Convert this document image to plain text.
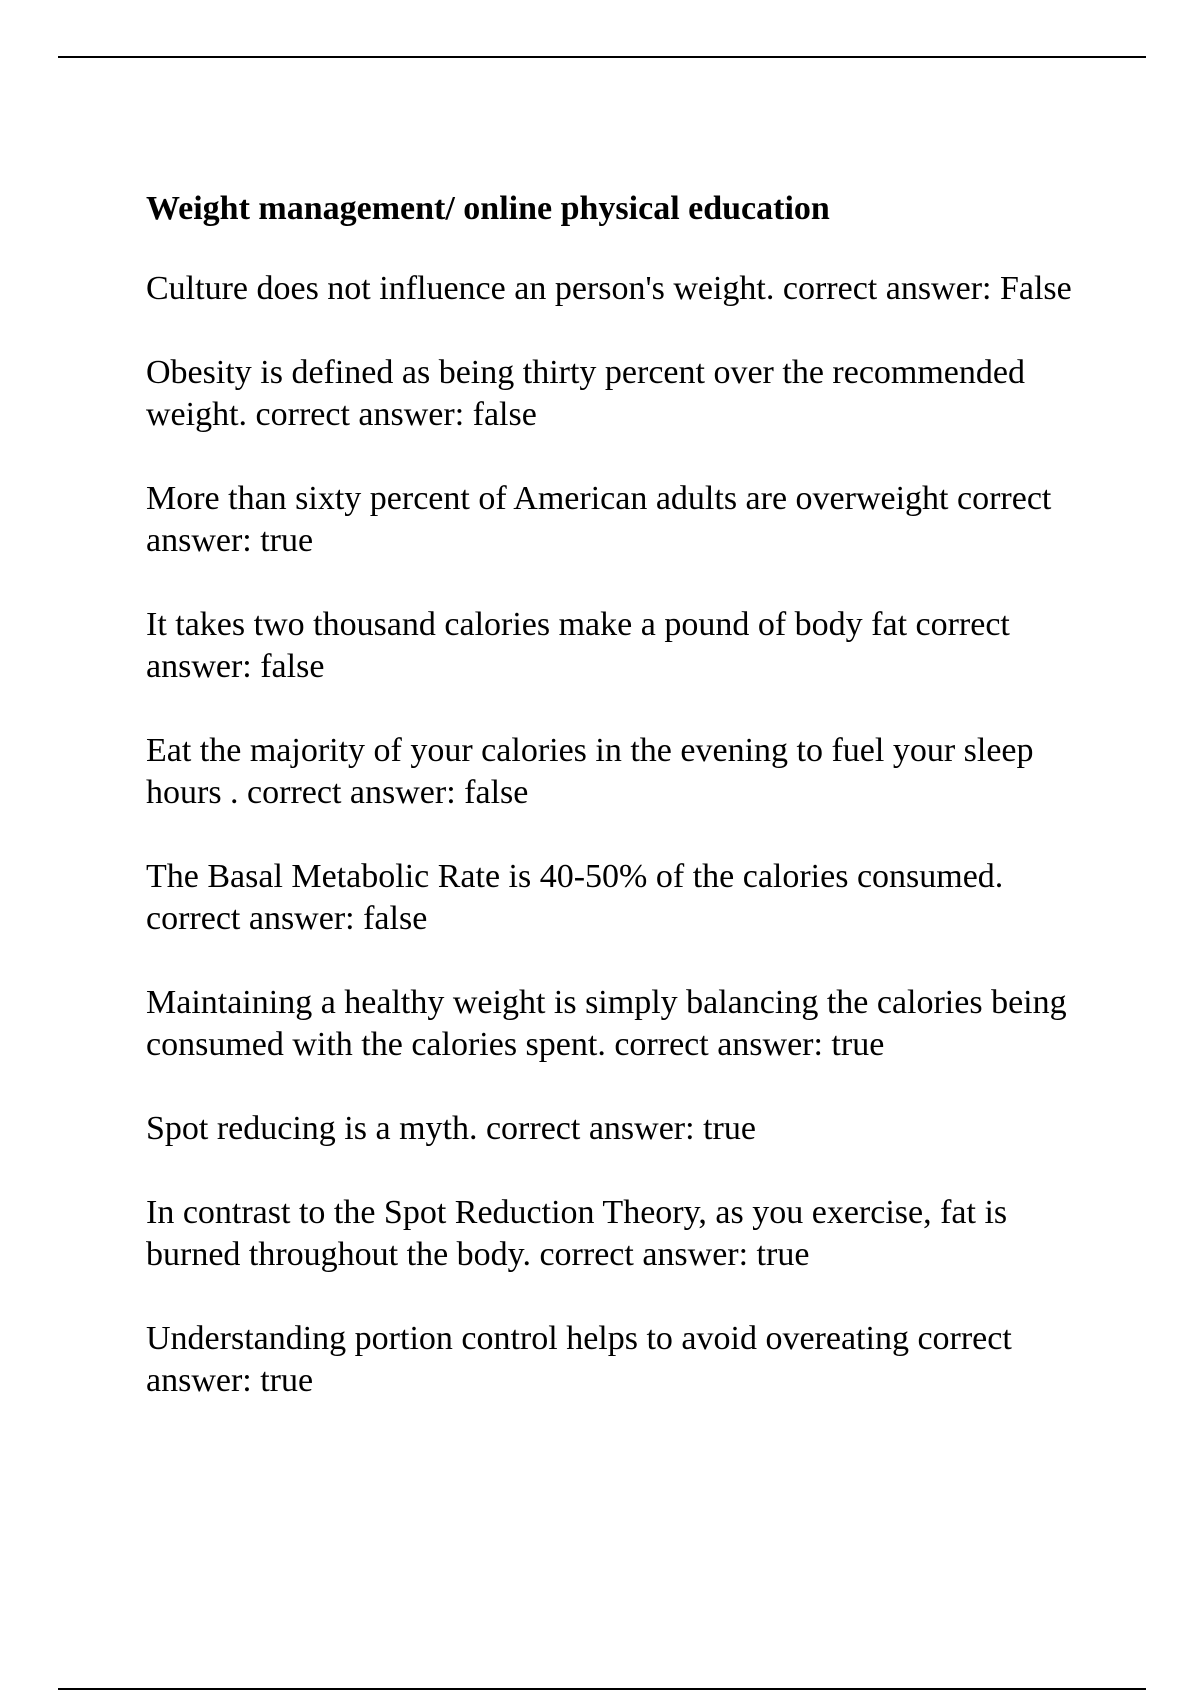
Weight management/ online physical education
Culture does not influence an person's weight. correct answer: False
Obesity is defined as being thirty percent over the recommended weight. correct answer: false
More than sixty percent of American adults are overweight correct answer: true
It takes two thousand calories make a pound of body fat correct answer: false
Eat the majority of your calories in the evening to fuel your sleep hours . correct answer: false
The Basal Metabolic Rate is 40-50% of the calories consumed. correct answer: false
Maintaining a healthy weight is simply balancing the calories being consumed with the calories spent. correct answer: true
Spot reducing is a myth. correct answer: true
In contrast to the Spot Reduction Theory, as you exercise, fat is burned throughout the body. correct answer: true
Understanding portion control helps to avoid overeating correct answer: true
